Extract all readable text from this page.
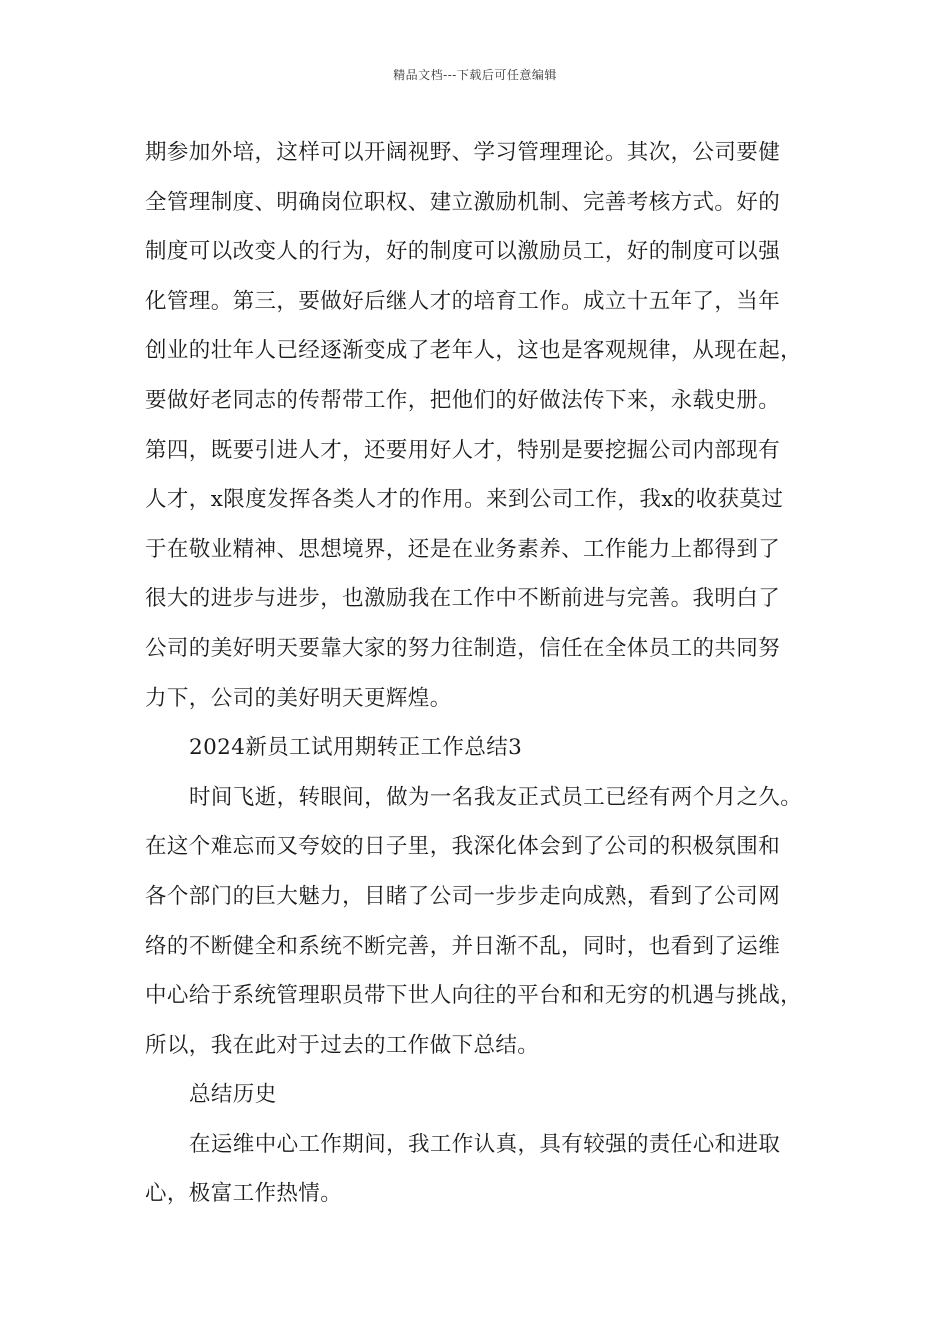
精品文档---下载后可任意编辑
期参加外培，这样可以开阔视野、学习管理理论。其次，公司要健
全管理制度、明确岗位职权、建立激励机制、完善考核方式。好的
制度可以改变人的行为，好的制度可以激励员工，好的制度可以强
化管理。第三，要做好后继人才的培育工作。成立十五年了，当年
创业的壮年人已经逐渐变成了老年人，这也是客观规律，从现在起，
要做好老同志的传帮带工作，把他们的好做法传下来，永载史册。
第四，既要引进人才，还要用好人才，特别是要挖掘公司内部现有
人才，x限度发挥各类人才的作用。来到公司工作，我x的收获莫过
于在敬业精神、思想境界，还是在业务素养、工作能力上都得到了
很大的进步与进步，也激励我在工作中不断前进与完善。我明白了
公司的美好明天要靠大家的努力往制造，信任在全体员工的共同努
力下，公司的美好明天更辉煌。
2024新员工试用期转正工作总结3
时间飞逝，转眼间，做为一名我友正式员工已经有两个月之久。
在这个难忘而又夸姣的日子里，我深化体会到了公司的积极氛围和
各个部门的巨大魅力，目睹了公司一步步走向成熟，看到了公司网
络的不断健全和系统不断完善，并日渐不乱，同时，也看到了运维
中心给于系统管理职员带下世人向往的平台和和无穷的机遇与挑战，
所以，我在此对于过去的工作做下总结。
总结历史
在运维中心工作期间，我工作认真，具有较强的责任心和进取
心，极富工作热情。
